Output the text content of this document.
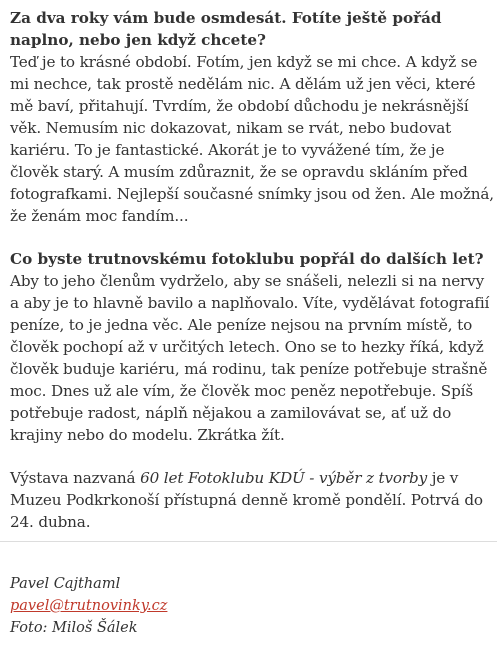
Za dva roky vám bude osmdesát. Fotíte ještě pořád naplno, nebo jen když chcete?

Teď je to krásné období. Fotím, jen když se mi chce. A když se mi nechce, tak prostě nedělám nic. A dělám už jen věci, které mě baví, přitahují. Tvrdím, že období důchodu je nekrásnější věk. Nemusím nic dokazovat, nikam se rvát, nebo budovat kariéru. To je fantastické. Akorát je to vyvážené tím, že je člověk starý. A musím zdůraznit, že se opravdu skláním před fotografkami. Nejlepší současné snímky jsou od žen. Ale možná, že ženám moc fandím...

Co byste trutnovskému fotoklubu popřál do dalších let?

Aby to jeho členům vydrželo, aby se snášeli, nelezli si na nervy a aby je to hlavně bavilo a naplňovalo. Víte, vydělávat fotografií peníze, to je jedna věc. Ale peníze nejsou na prvním místě, to člověk pochopí až v určitých letech. Ono se to hezky říká, když člověk buduje kariéru, má rodinu, tak peníze potřebuje strašně moc. Dnes už ale vím, že člověk moc peněz nepotřebuje. Spíš potřebuje radost, náplň nějakou a zamilovávat se, ať už do krajiny nebo do modelu. Zkrátka žít.

Výstava nazvaná 60 let Fotoklubu KDÚ - výběr z tvorby je v Muzeu Podkrkonoší přístupná denně kromě pondělí. Potrvá do 24. dubna.

Pavel Cajthaml
pavel@trutnovinky.cz
Foto: Miloš Šálek
